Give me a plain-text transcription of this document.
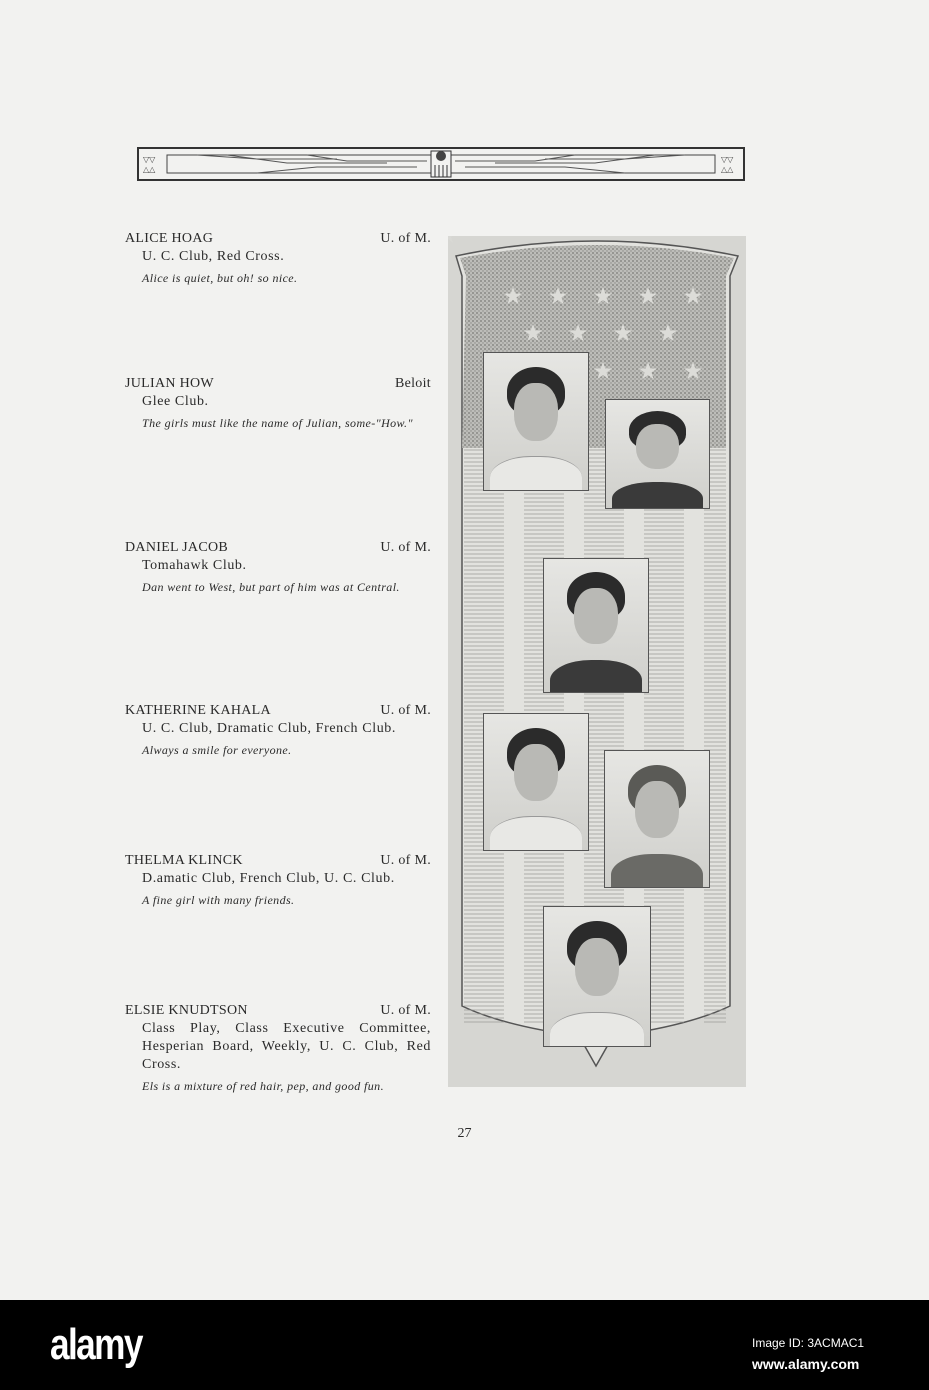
▽▽
△△
▽▽
△△
ALICE HOAG	U. of M.
U. C. Club, Red Cross.
Alice is quiet, but oh! so nice.
JULIAN HOW	Beloit
Glee Club.
The girls must like the name of Julian, some-"How."
DANIEL JACOB	U. of M.
Tomahawk Club.
Dan went to West, but part of him was at Central.
KATHERINE KAHALA	U. of M.
U. C. Club, Dramatic Club, French Club.
Always a smile for everyone.
THELMA KLINCK	U. of M.
D.amatic Club, French Club, U. C. Club.
A fine girl with many friends.
ELSIE KNUDTSON	U. of M.
Class Play, Class Executive Committee, Hesperian Board, Weekly, U. C. Club, Red Cross.
Els is a mixture of red hair, pep, and good fun.
27
alamy	Image ID: 3ACMAC1
www.alamy.com
